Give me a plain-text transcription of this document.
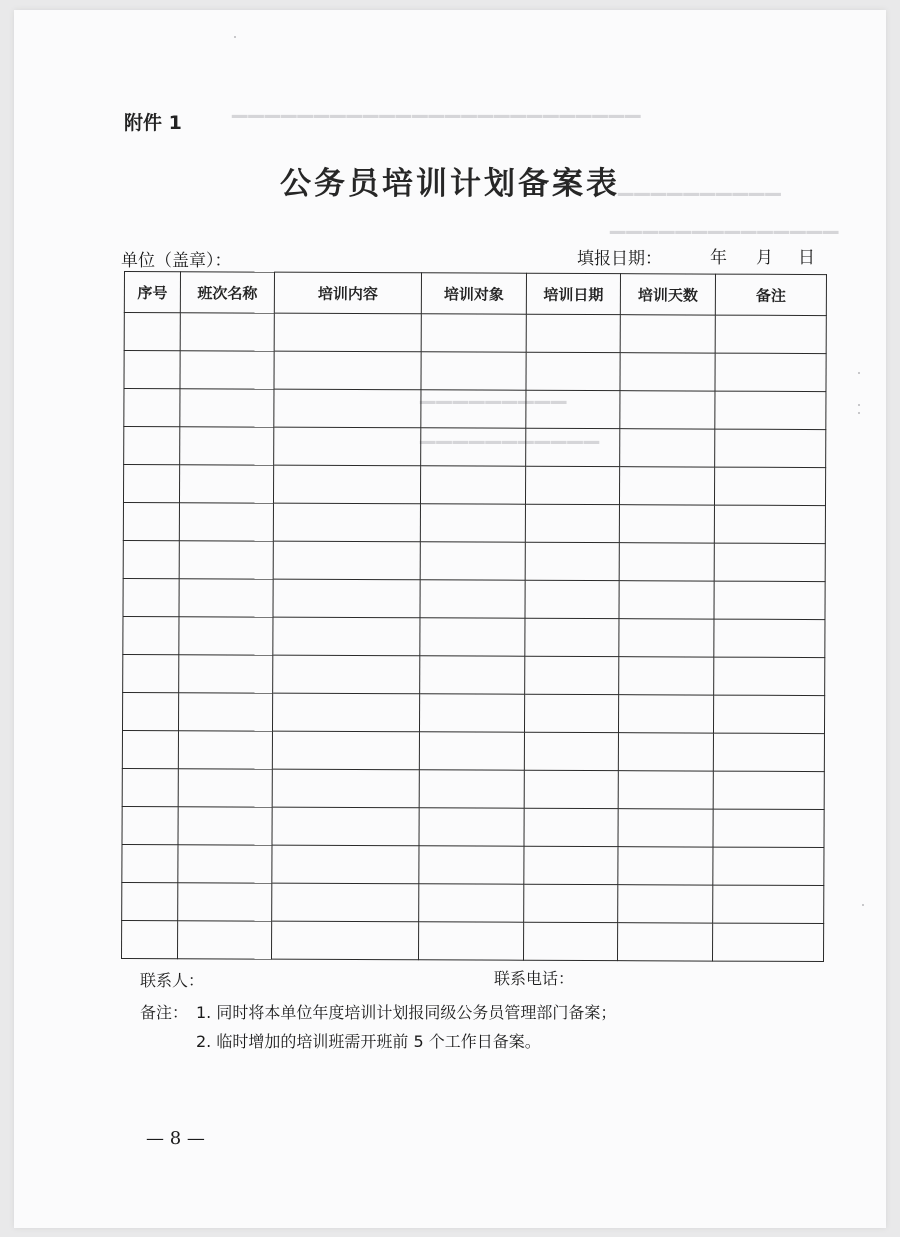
▁▁▁▁▁▁▁▁▁▁▁▁▁▁▁▁▁▁▁▁▁▁▁▁▁
▁▁▁▁▁▁▁▁▁▁
▁▁▁▁▁▁▁▁▁▁▁▁▁▁
▁▁▁▁▁▁▁▁▁
▁▁▁▁▁▁▁▁▁▁▁
附件 1
公务员培训计划备案表
单位（盖章）：	填报日期：	年 月 日
序号	班次名称	培训内容	培训对象	培训日期	培训天数	备注

联系人：	联系电话：
备注： 1. 同时将本单位年度培训计划报同级公务员管理部门备案；
2. 临时增加的培训班需开班前 5 个工作日备案。
— 8 —
